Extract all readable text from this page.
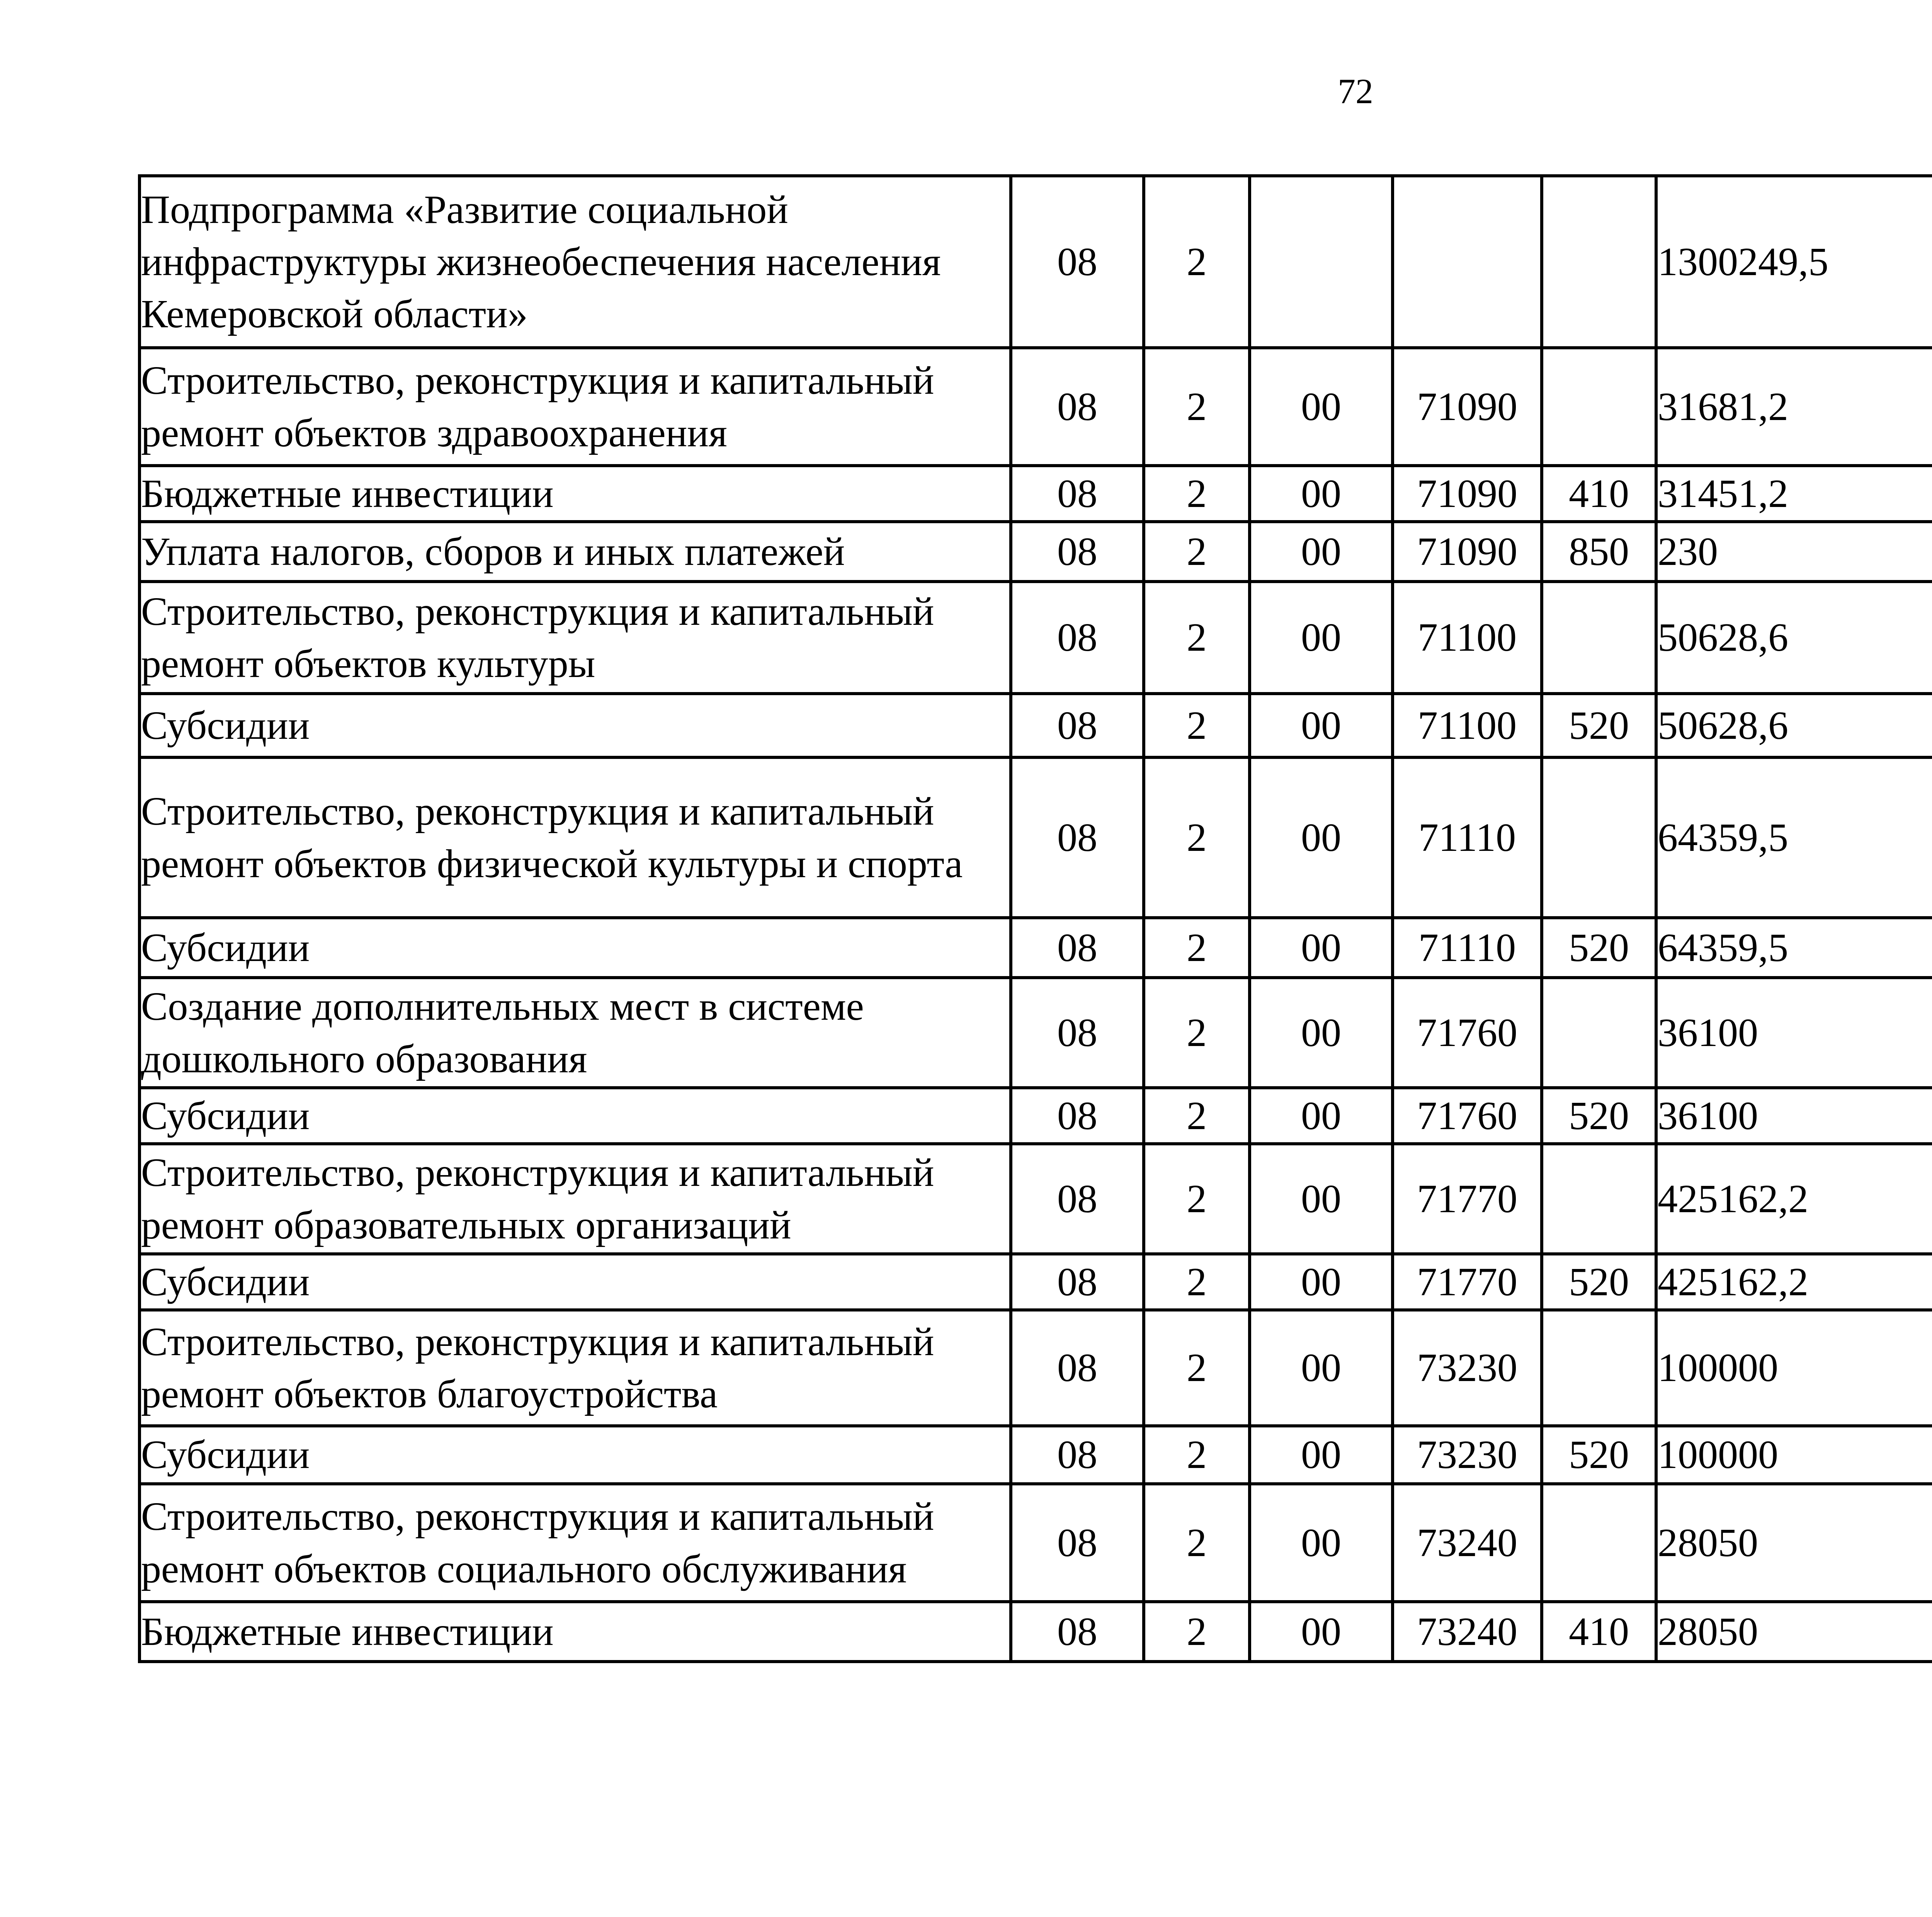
72
Подпрограмма «Развитие социальной инфраструктуры жизнеобеспечения населения Кемеровской области»	08	2				1300249,5		
Строительство, реконструкция и капитальный ремонт объектов здравоохранения	08	2	00	71090		31681,2		
Бюджетные инвестиции	08	2	00	71090	410	31451,2		
Уплата налогов, сборов и иных платежей	08	2	00	71090	850	230		
Строительство, реконструкция и капитальный ремонт объектов культуры	08	2	00	71100		50628,6		
Субсидии	08	2	00	71100	520	50628,6		
Строительство, реконструкция и капитальный ремонт объектов физической культуры и спорта	08	2	00	71110		64359,5		
Субсидии	08	2	00	71110	520	64359,5		
Создание дополнительных мест в системе дошкольного образования	08	2	00	71760		36100		
Субсидии	08	2	00	71760	520	36100		
Строительство, реконструкция и капитальный ремонт образовательных организаций	08	2	00	71770		425162,2		
Субсидии	08	2	00	71770	520	425162,2		
Строительство, реконструкция и капитальный ремонт объектов благоустройства	08	2	00	73230		100000		
Субсидии	08	2	00	73230	520	100000		
Строительство, реконструкция и капитальный ремонт объектов социального обслуживания	08	2	00	73240		28050		
Бюджетные инвестиции	08	2	00	73240	410	28050		
